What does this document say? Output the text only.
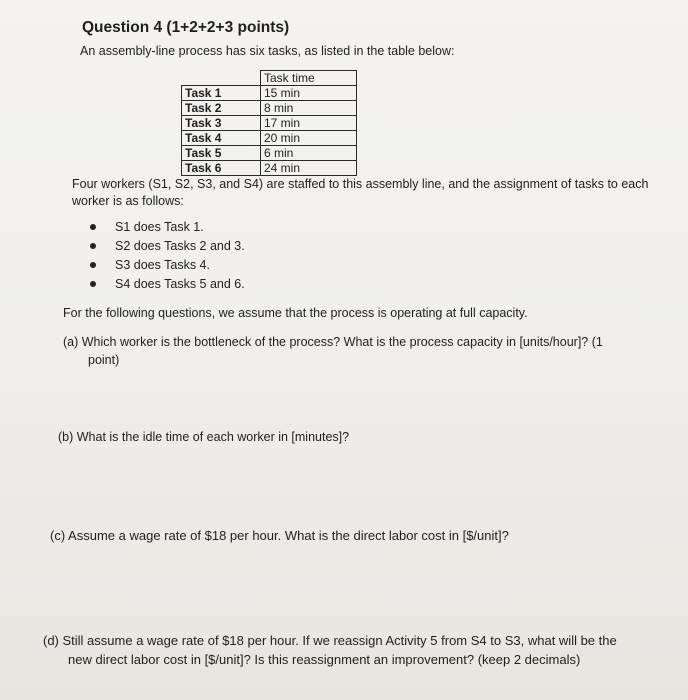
Question 4 (1+2+2+3 points)
An assembly-line process has six tasks, as listed in the table below:
	Task time
Task 1	15 min
Task 2	8 min
Task 3	17 min
Task 4	20 min
Task 5	6 min
Task 6	24 min
Four workers (S1, S2, S3, and S4) are staffed to this assembly line, and the assignment of tasks to each
worker is as follows:
S1 does Task 1.
S2 does Tasks 2 and 3.
S3 does Tasks 4.
S4 does Tasks 5 and 6.
For the following questions, we assume that the process is operating at full capacity.
(a) Which worker is the bottleneck of the process? What is the process capacity in [units/hour]? (1
point)
(b) What is the idle time of each worker in [minutes]?
(c) Assume a wage rate of $18 per hour. What is the direct labor cost in [$/unit]?
(d) Still assume a wage rate of $18 per hour. If we reassign Activity 5 from S4 to S3, what will be the
new direct labor cost in [$/unit]? Is this reassignment an improvement? (keep 2 decimals)
